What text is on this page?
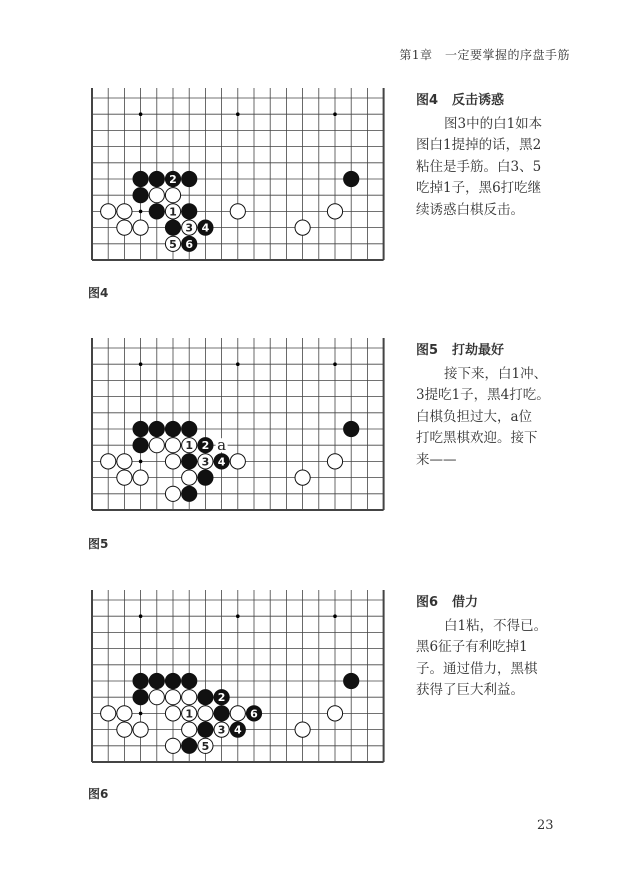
第1章　一定要掌握的序盘手筋
2
4
6
1
3
5
图4
图4 反击诱惑
图3中的白1如本
图白1提掉的话，黑2
粘住是手筋。白3、5
吃掉1子，黑6打吃继
续诱惑白棋反击。
2
4
1
3
a
图5
图5 打劫最好
接下来，白1冲、
3提吃1子，黑4打吃。
白棋负担过大，a位
打吃黑棋欢迎。接下
来——
2
6
4
1
3
5
图6
图6 借力
白1粘，不得已。
黑6征子有利吃掉1
子。通过借力，黑棋
获得了巨大利益。
23
